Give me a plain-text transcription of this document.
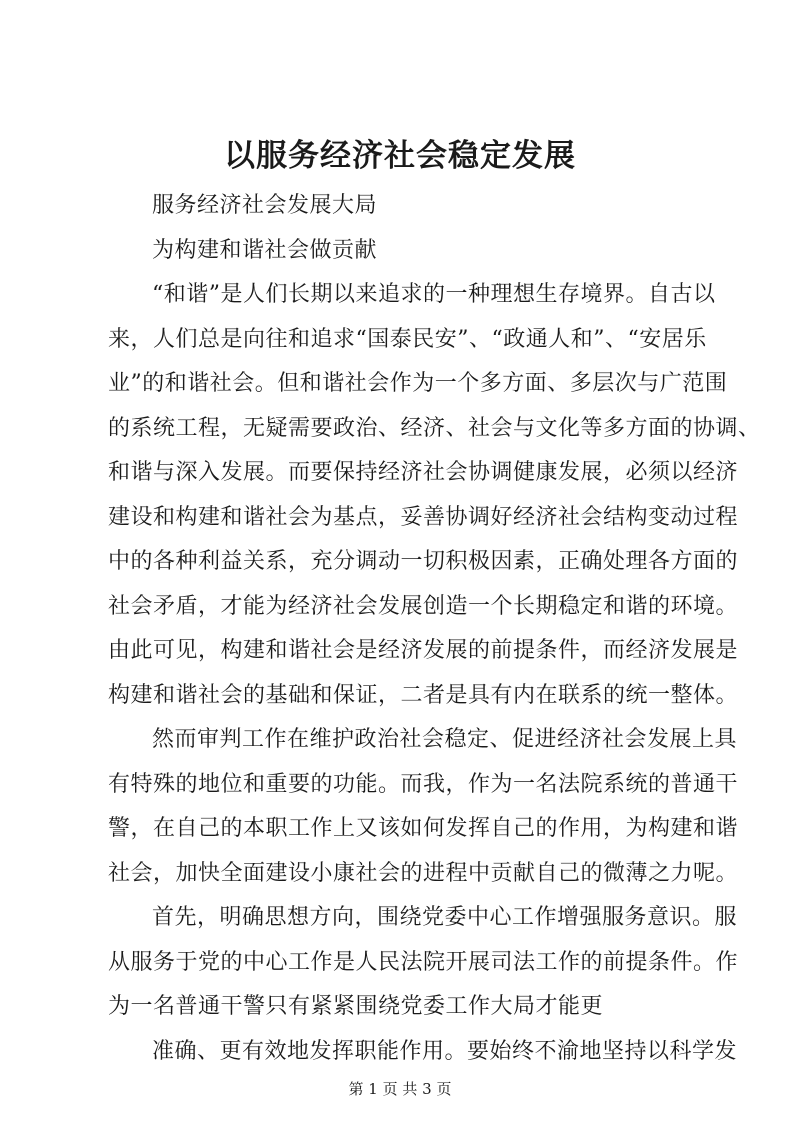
以服务经济社会稳定发展
服务经济社会发展大局
为构建和谐社会做贡献
“和谐”是人们长期以来追求的一种理想生存境界。自古以
来，人们总是向往和追求“国泰民安”、“政通人和”、“安居乐
业”的和谐社会。但和谐社会作为一个多方面、多层次与广范围
的系统工程，无疑需要政治、经济、社会与文化等多方面的协调、
和谐与深入发展。而要保持经济社会协调健康发展，必须以经济
建设和构建和谐社会为基点，妥善协调好经济社会结构变动过程
中的各种利益关系，充分调动一切积极因素，正确处理各方面的
社会矛盾，才能为经济社会发展创造一个长期稳定和谐的环境。
由此可见，构建和谐社会是经济发展的前提条件，而经济发展是
构建和谐社会的基础和保证，二者是具有内在联系的统一整体。
然而审判工作在维护政治社会稳定、促进经济社会发展上具
有特殊的地位和重要的功能。而我，作为一名法院系统的普通干
警，在自己的本职工作上又该如何发挥自己的作用，为构建和谐
社会，加快全面建设小康社会的进程中贡献自己的微薄之力呢。
首先，明确思想方向，围绕党委中心工作增强服务意识。服
从服务于党的中心工作是人民法院开展司法工作的前提条件。作
为一名普通干警只有紧紧围绕党委工作大局才能更
准确、更有效地发挥职能作用。要始终不渝地坚持以科学发
第 1 页 共 3 页
